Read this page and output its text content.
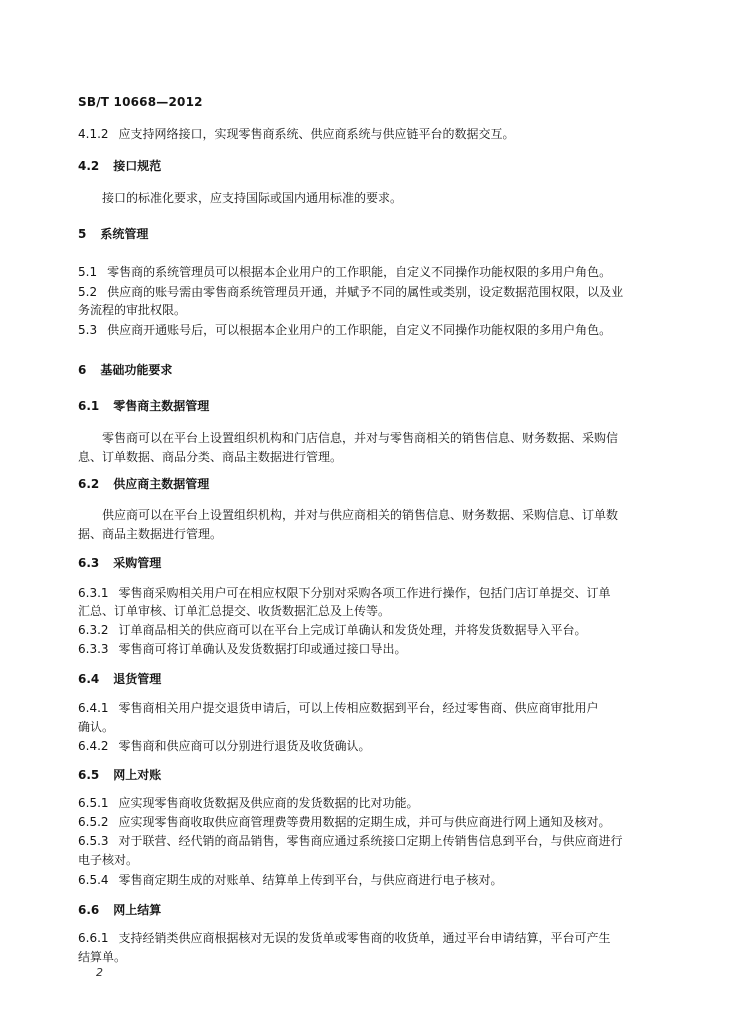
SB/T 10668—2012
4.1.2 应支持网络接口，实现零售商系统、供应商系统与供应链平台的数据交互。
4.2 接口规范
接口的标准化要求，应支持国际或国内通用标准的要求。
5 系统管理
5.1 零售商的系统管理员可以根据本企业用户的工作职能，自定义不同操作功能权限的多用户角色。
5.2 供应商的账号需由零售商系统管理员开通，并赋予不同的属性或类别，设定数据范围权限，以及业
务流程的审批权限。
5.3 供应商开通账号后，可以根据本企业用户的工作职能，自定义不同操作功能权限的多用户角色。
6 基础功能要求
6.1 零售商主数据管理
零售商可以在平台上设置组织机构和门店信息，并对与零售商相关的销售信息、财务数据、采购信
息、订单数据、商品分类、商品主数据进行管理。
6.2 供应商主数据管理
供应商可以在平台上设置组织机构，并对与供应商相关的销售信息、财务数据、采购信息、订单数
据、商品主数据进行管理。
6.3 采购管理
6.3.1 零售商采购相关用户可在相应权限下分别对采购各项工作进行操作，包括门店订单提交、订单
汇总、订单审核、订单汇总提交、收货数据汇总及上传等。
6.3.2 订单商品相关的供应商可以在平台上完成订单确认和发货处理，并将发货数据导入平台。
6.3.3 零售商可将订单确认及发货数据打印或通过接口导出。
6.4 退货管理
6.4.1 零售商相关用户提交退货申请后，可以上传相应数据到平台，经过零售商、供应商审批用户
确认。
6.4.2 零售商和供应商可以分别进行退货及收货确认。
6.5 网上对账
6.5.1 应实现零售商收货数据及供应商的发货数据的比对功能。
6.5.2 应实现零售商收取供应商管理费等费用数据的定期生成，并可与供应商进行网上通知及核对。
6.5.3 对于联营、经代销的商品销售，零售商应通过系统接口定期上传销售信息到平台，与供应商进行
电子核对。
6.5.4 零售商定期生成的对账单、结算单上传到平台，与供应商进行电子核对。
6.6 网上结算
6.6.1 支持经销类供应商根据核对无误的发货单或零售商的收货单，通过平台申请结算，平台可产生
结算单。
2
